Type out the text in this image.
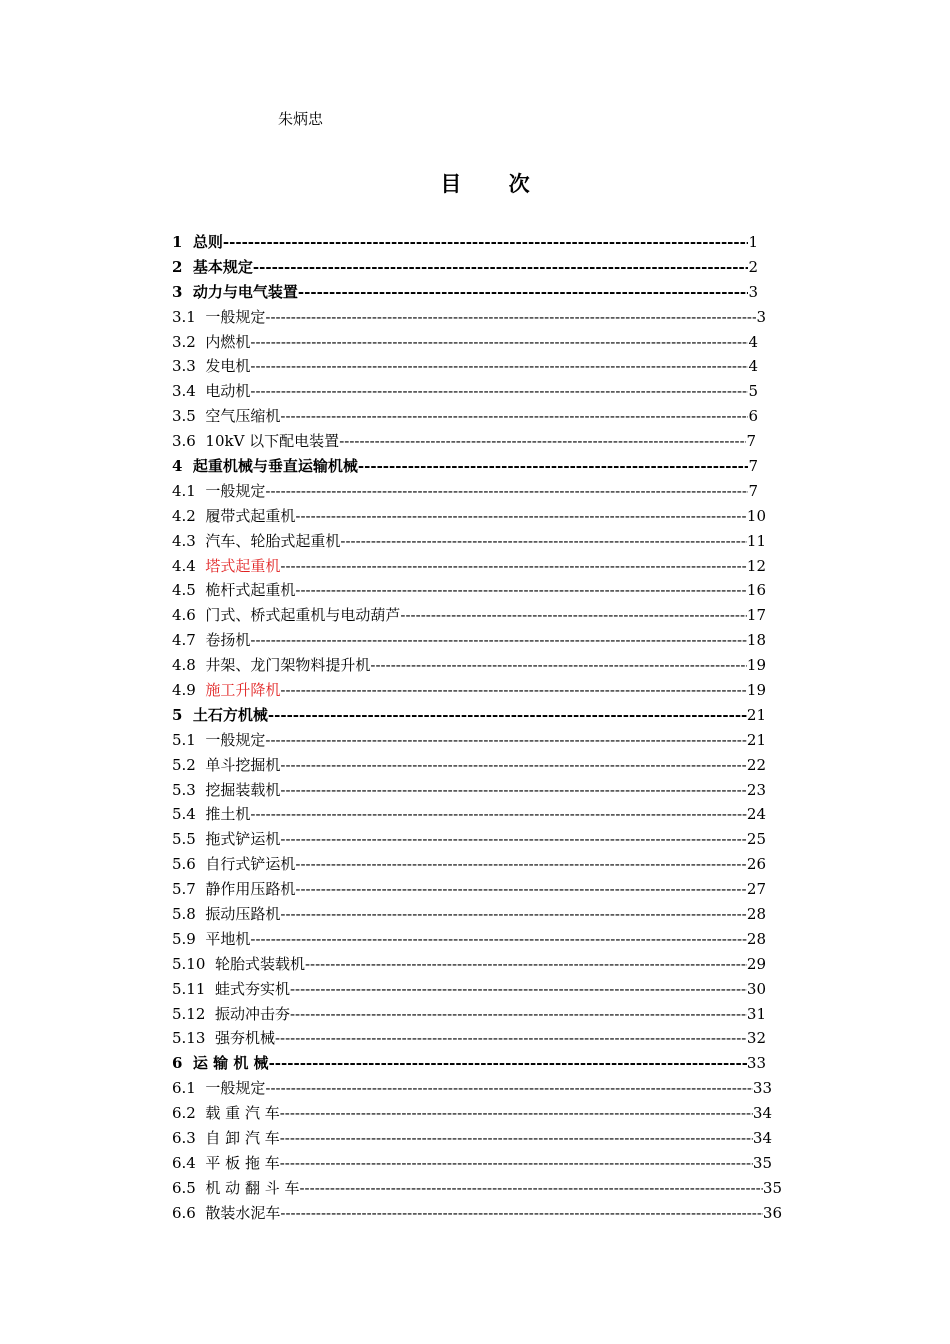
朱炳忠
目 次
1 总则 -----	1
2 基本规定 -----	2
3 动力与电气装置 -----	3
3.1 一般规定 -----	3
3.2 内燃机 -----	4
3.3 发电机 -----	4
3.4 电动机 -----	5
3.5 空气压缩机 -----	6
3.6 10kV 以下配电装置 -----	7
4 起重机械与垂直运输机械 -----	7
4.1 一般规定 -----	7
4.2 履带式起重机 -----	10
4.3 汽车、轮胎式起重机 -----	11
4.4 塔式起重机 -----	12
4.5 桅杆式起重机 -----	16
4.6 门式、桥式起重机与电动葫芦 -----	17
4.7 卷扬机 -----	18
4.8 井架、龙门架物料提升机 -----	19
4.9 施工升降机 -----	19
5 土石方机械 -----	21
5.1 一般规定 -----	21
5.2 单斗挖掘机 -----	22
5.3 挖掘装载机 -----	23
5.4 推土机 -----	24
5.5 拖式铲运机 -----	25
5.6 自行式铲运机 -----	26
5.7 静作用压路机 -----	27
5.8 振动压路机 -----	28
5.9 平地机 -----	28
5.10 轮胎式装载机 -----	29
5.11 蛙式夯实机 -----	30
5.12 振动冲击夯 -----	31
5.13 强夯机械 -----	32
6 运 输 机 械 -----	33
6.1 一般规定 -----	33
6.2 载 重 汽 车 -----	34
6.3 自 卸 汽 车 -----	34
6.4 平 板 拖 车 -----	35
6.5 机 动 翻 斗 车 -----	35
6.6 散装水泥车 -----	36
